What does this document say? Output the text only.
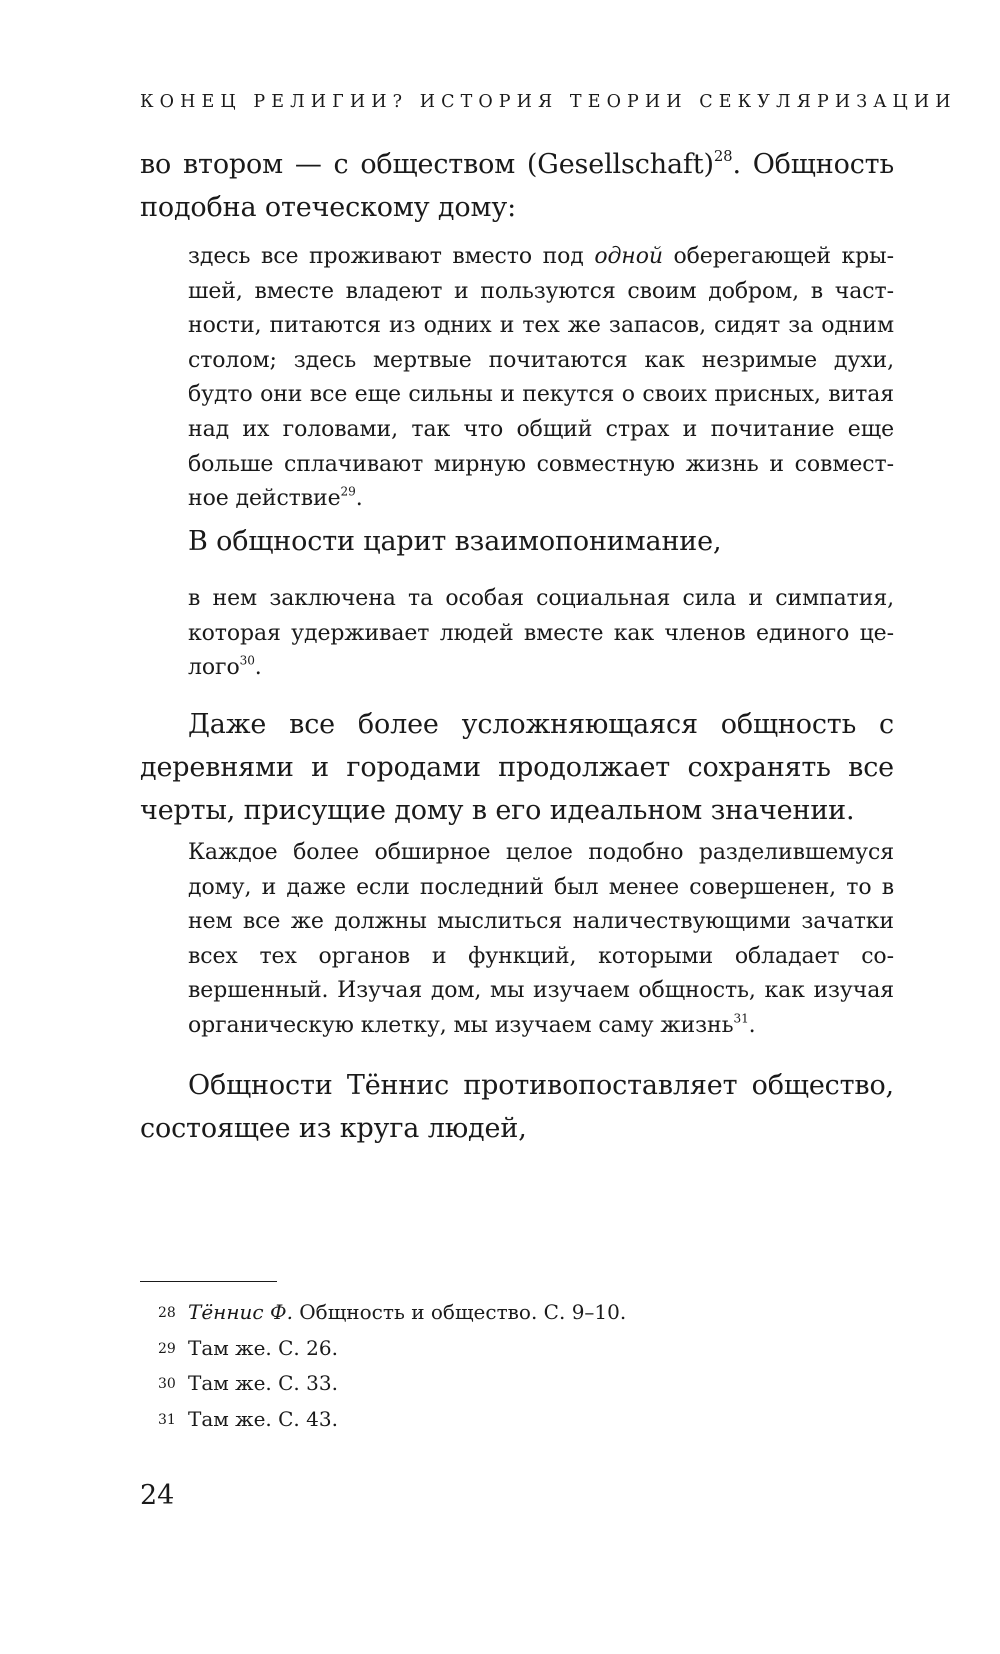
КОНЕЦ РЕЛИГИИ? ИСТОРИЯ ТЕОРИИ СЕКУЛЯРИЗАЦИИ

во втором — с обществом (Gesellschaft)$^{28}$. Общность подобна отеческому дому:

здесь все проживают вместо под одной оберегающей крышей, вместе владеют и пользуются своим добром, в частности, питаются из одних и тех же запасов, сидят за одним столом; здесь мертвые почитаются как незримые духи, будто они все еще сильны и пекутся о своих присных, витая над их головами, так что общий страх и почитание еще больше сплачивают мирную совместную жизнь и совместное действие$^{29}$.

В общности царит взаимопонимание,

в нем заключена та особая социальная сила и симпатия, которая удерживает людей вместе как членов единого целого$^{30}$.

Даже все более усложняющаяся общность с деревнями и городами продолжает сохранять все черты, присущие дому в его идеальном значении.

Каждое более обширное целое подобно разделившемуся дому, и даже если последний был менее совершенен, то в нем все же должны мыслиться наличествующими зачатки всех тех органов и функций, которыми обладает совершенный. Изучая дом, мы изучаем общность, как изучая органическую клетку, мы изучаем саму жизнь$^{31}$.

Общности Тённис противопоставляет общество, состоящее из круга людей,

28 Тённис Ф. Общность и общество. С. 9–10.
29 Там же. С. 26.
30 Там же. С. 33.
31 Там же. С. 43.
24
